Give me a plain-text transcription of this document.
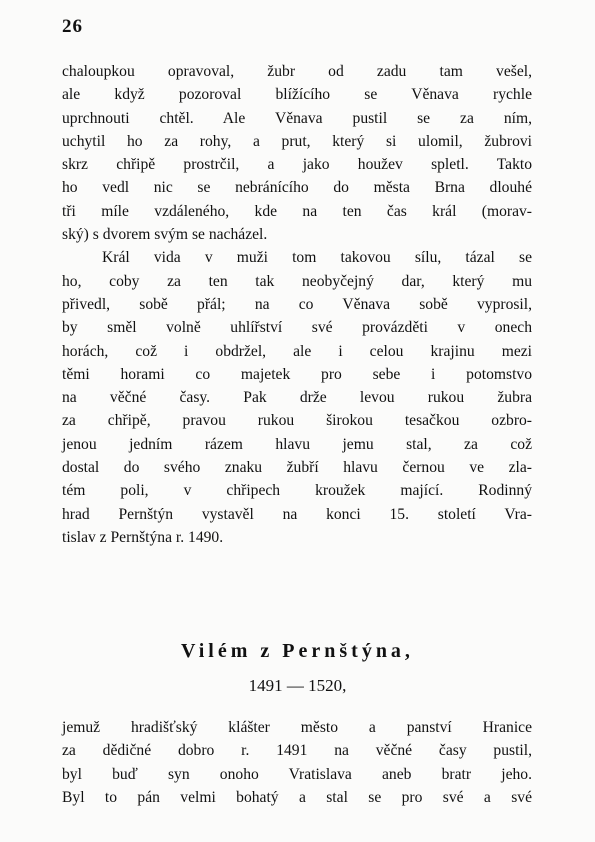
26
chaloupkou opravoval, žubr od zadu tam vešel,
ale když pozoroval blížícího se Věnava rychle
uprchnouti chtěl. Ale Věnava pustil se za ním,
uchytil ho za rohy, a prut, který si ulomil, žubrovi
skrz chřipě prostrčil, a jako houžev spletl. Takto
ho vedl nic se nebránícího do města Brna dlouhé
tři míle vzdáleného, kde na ten čas král (morav-
ský) s dvorem svým se nacházel.
Král vida v muži tom takovou sílu, tázal se
ho, coby za ten tak neobyčejný dar, který mu
přivedl, sobě přál; na co Věnava sobě vyprosil,
by směl volně uhlířství své provázděti v onech
horách, což i obdržel, ale i celou krajinu mezi
těmi horami co majetek pro sebe i potomstvo
na věčné časy. Pak drže levou rukou žubra
za chřipě, pravou rukou širokou tesačkou ozbro-
jenou jedním rázem hlavu jemu stal, za což
dostal do svého znaku žubří hlavu černou ve zla-
tém poli, v chřipech kroužek mající. Rodinný
hrad Pernštýn vystavěl na konci 15. století Vra-
tislav z Pernštýna r. 1490.
Vilém z Pernštýna,
1491 — 1520,
jemuž hradišťský klášter město a panství Hranice
za dědičné dobro r. 1491 na věčné časy pustil,
byl buď syn onoho Vratislava aneb bratr jeho.
Byl to pán velmi bohatý a stal se pro své a své
